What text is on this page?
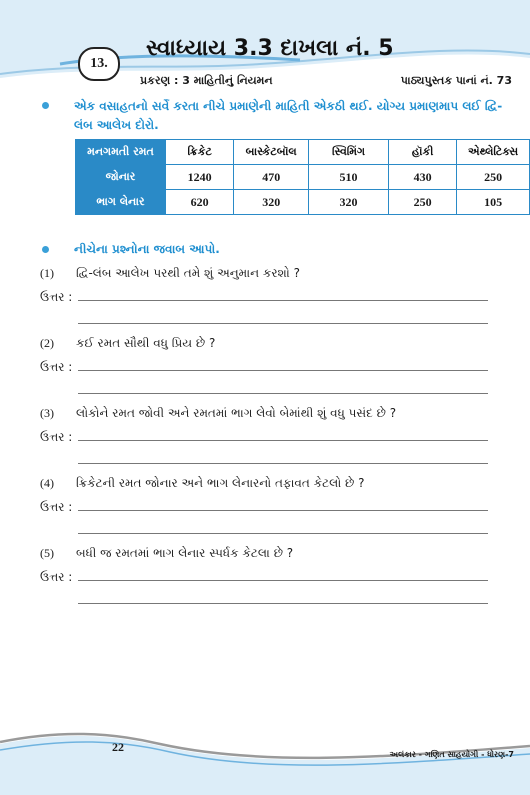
13.
સ્વાધ્યાય 3.3 દાખલા નં. 5
પ્રકરણ : 3 માહિતીનું નિયમન	પાઠ્યપુસ્તક પાનાં નં. 73
એક વસાહતનો સર્વે કરતા નીચે પ્રમાણેની માહિતી એકઠી થઈ. યોગ્ય પ્રમાણમાપ લઈ દ્વિ-લંબ આલેખ દોરો.
મનગમતી રમત	ક્રિકેટ	બાસ્કેટબૉલ	સ્વિમિંગ	હૉકી	એથ્લેટિક્સ
જોનાર	1240	470	510	430	250
ભાગ લેનાર	620	320	320	250	105
નીચેના પ્રશ્નોના જવાબ આપો.
(1) દ્વિ-લંબ આલેખ પરથી તમે શું અનુમાન કરશો ?
ઉત્તર :
(2) કઈ રમત સૌથી વધુ પ્રિય છે ?
ઉત્તર :
(3) લોકોને રમત જોવી અને રમતમાં ભાગ લેવો બેમાંથી શું વધુ પસંદ છે ?
ઉત્તર :
(4) ક્રિકેટની રમત જોનાર અને ભાગ લેનારનો તફાવત કેટલો છે ?
ઉત્તર :
(5) બધી જ રમતમાં ભાગ લેનાર સ્પર્ધક કેટલા છે ?
ઉત્તર :
22
અલંકાર - ગણિત સાહયોગી - ધોરણ-7
